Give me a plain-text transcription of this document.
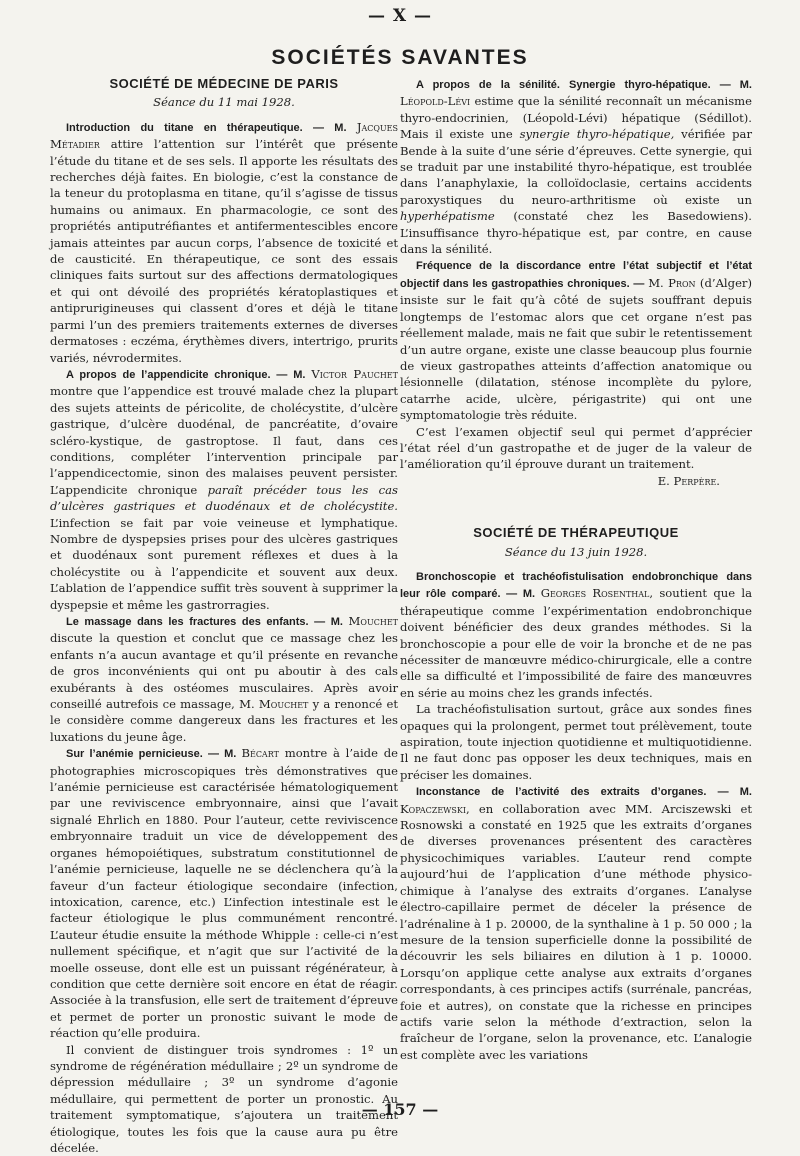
— X —
SOCIÉTÉS SAVANTES
SOCIÉTÉ DE MÉDECINE DE PARIS
Séance du 11 mai 1928.

Introduction du titane en thérapeutique. — M. Jacques Métadier attire l’attention sur l’intérêt que présente l’étude du titane et de ses sels. Il apporte les résultats des recherches déjà faites. En biologie, c’est la constance de la teneur du protoplasma en titane, qu’il s’agisse de tissus humains ou animaux. En pharmacologie, ce sont des propriétés antiputréfiantes et antifermentescibles encore jamais atteintes par aucun corps, l’absence de toxicité et de causticité. En thérapeutique, ce sont des essais cliniques faits surtout sur des affections dermatologiques et qui ont dévoilé des propriétés kératoplastiques et antiprurigineuses qui classent d’ores et déjà le titane parmi l’un des premiers traitements externes de diverses dermatoses : eczéma, érythèmes divers, intertrigo, prurits variés, névrodermites.

A propos de l’appendicite chronique. — M. Victor Pauchet montre que l’appendice est trouvé malade chez la plupart des sujets atteints de péricolite, de cholécystite, d’ulcère gastrique, d’ulcère duodénal, de pancréatite, d’ovaire scléro-kystique, de gastroptose. Il faut, dans ces conditions, compléter l’intervention principale par l’appendicectomie, sinon des malaises peuvent persister. L’appendicite chronique paraît précéder tous les cas d’ulcères gastriques et duodénaux et de cholécystite. L’infection se fait par voie veineuse et lymphatique. Nombre de dyspepsies prises pour des ulcères gastriques et duodénaux sont purement réflexes et dues à la cholécystite ou à l’appendicite et souvent aux deux. L’ablation de l’appendice suffit très souvent à supprimer la dyspepsie et même les gastrorragies.

Le massage dans les fractures des enfants. — M. Mouchet discute la question et conclut que ce massage chez les enfants n’a aucun avantage et qu’il présente en revanche de gros inconvénients qui ont pu aboutir à des cals exubérants à des ostéomes musculaires. Après avoir conseillé autrefois ce massage, M. Mouchet y a renoncé et le considère comme dangereux dans les fractures et les luxations du jeune âge.

Sur l’anémie pernicieuse. — M. Bécart montre à l’aide de photographies microscopiques très démonstratives que l’anémie pernicieuse est caractérisée hématologiquement par une reviviscence embryonnaire, ainsi que l’avait signalé Ehrlich en 1880. Pour l’auteur, cette reviviscence embryonnaire traduit un vice de développement des organes hémopoiétiques, substratum constitutionnel de l’anémie pernicieuse, laquelle ne se déclenchera qu’à la faveur d’un facteur étiologique secondaire (infection, intoxication, carence, etc.) L’infection intestinale est le facteur étiologique le plus communément rencontré. L’auteur étudie ensuite la méthode Whipple : celle-ci n’est nullement spécifique, et n’agit que sur l’activité de la moelle osseuse, dont elle est un puissant régénérateur, à condition que cette dernière soit encore en état de réagir. Associée à la transfusion, elle sert de traitement d’épreuve et permet de porter un pronostic suivant le mode de réaction qu’elle produira.

Il convient de distinguer trois syndromes : 1º un syndrome de régénération médullaire ; 2º un syndrome de dépression médullaire ; 3º un syndrome d’agonie médullaire, qui permettent de porter un pronostic. Au traitement symptomatique, s’ajoutera un traitement étiologique, toutes les fois que la cause aura pu être décelée.

A propos de la sénilité. Synergie thyro-hépatique. — M. Léopold-Lévi estime que la sénilité reconnaît un mécanisme thyro-endocrinien, (Léopold-Lévi) hépatique (Sédillot). Mais il existe une synergie thyro-hépatique, vérifiée par Bende à la suite d’une série d’épreuves. Cette synergie, qui se traduit par une instabilité thyro-hépatique, est troublée dans l’anaphylaxie, la colloïdoclasie, certains accidents paroxystiques du neuro-arthritisme où existe un hyperhépatisme (constaté chez les Basedowiens). L’insuffisance thyro-hépatique est, par contre, en cause dans la sénilité.

Fréquence de la discordance entre l’état subjectif et l’état objectif dans les gastropathies chroniques. — M. Pron (d’Alger) insiste sur le fait qu’à côté de sujets souffrant depuis longtemps de l’estomac alors que cet organe n’est pas réellement malade, mais ne fait que subir le retentissement d’un autre organe, existe une classe beaucoup plus fournie de vieux gastropathes atteints d’affection anatomique ou lésionnelle (dilatation, sténose incomplète du pylore, catarrhe acide, ulcère, périgastrite) qui ont une symptomatologie très réduite.

C’est l’examen objectif seul qui permet d’apprécier l’état réel d’un gastropathe et de juger de la valeur de l’amélioration qu’il éprouve durant un traitement.

E. Perpère.

SOCIÉTÉ DE THÉRAPEUTIQUE
Séance du 13 juin 1928.

Bronchoscopie et trachéofistulisation endobronchique dans leur rôle comparé. — M. Georges Rosenthal, soutient que la thérapeutique comme l’expérimentation endobronchique doivent bénéficier des deux grandes méthodes. Si la bronchoscopie a pour elle de voir la bronche et de ne pas nécessiter de manœuvre médico-chirurgicale, elle a contre elle sa difficulté et l’impossibilité de faire des manœuvres en série au moins chez les grands infectés.

La trachéofistulisation surtout, grâce aux sondes fines opaques qui la prolongent, permet tout prélèvement, toute aspiration, toute injection quotidienne et multiquotidienne. Il ne faut donc pas opposer les deux techniques, mais en préciser les domaines.

Inconstance de l’activité des extraits d’organes. — M. Kopaczewski, en collaboration avec MM. Arciszewski et Rosnowski a constaté en 1925 que les extraits d’organes de diverses provenances présentent des caractères physicochimiques variables. L’auteur rend compte aujourd’hui de l’application d’une méthode physico-chimique à l’analyse des extraits d’organes. L’analyse électro-capillaire permet de déceler la présence de l’adrénaline à 1 p. 20000, de la synthaline à 1 p. 50 000 ; la mesure de la tension superficielle donne la possibilité de découvrir les sels biliaires en dilution à 1 p. 10000. Lorsqu’on applique cette analyse aux extraits d’organes correspondants, à ces principes actifs (surrénale, pancréas, foie et autres), on constate que la richesse en principes actifs varie selon la méthode d’extraction, selon la fraîcheur de l’organe, selon la provenance, etc. L’analogie est complète avec les variations

— 157 —
